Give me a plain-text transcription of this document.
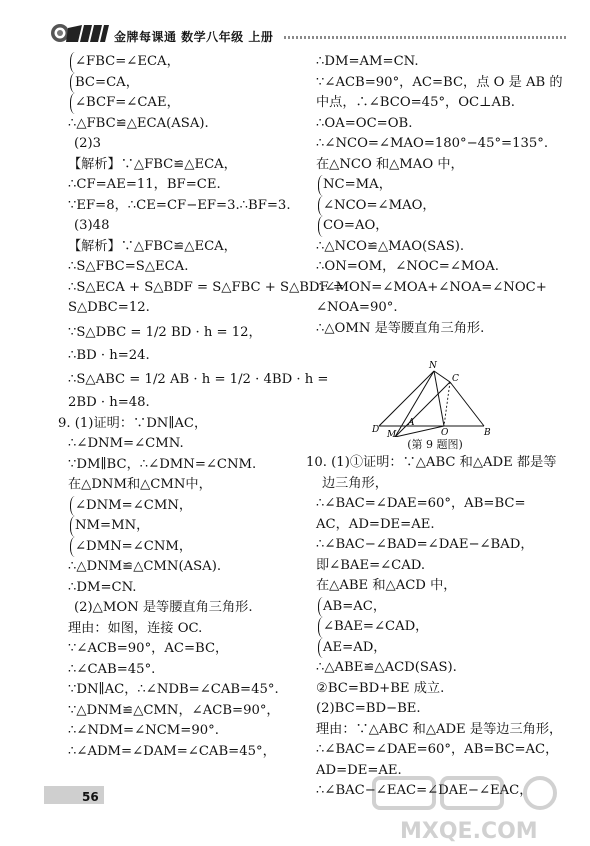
金牌每课通 数学八年级 上册
∠FBC=∠ECA，
BC=CA，
∠BCF=∠CAE，
∴△FBC≌△ECA(ASA).
(2)3
【解析】∵△FBC≌△ECA，
∴CF=AE=11，BF=CE.
∵EF=8，∴CE=CF−EF=3.∴BF=3.
(3)48
【解析】∵△FBC≌△ECA，
∴S△FBC=S△ECA.
∴S△ECA + S△BDF = S△FBC + S△BDF =
S△DBC=12.
∵S△DBC = 1/2 BD · h = 12，
∴BD · h=24.
∴S△ABC = 1/2 AB · h = 1/2 · 4BD · h =
2BD · h=48.
9. (1)证明：∵DN∥AC，
∴∠DNM=∠CMN.
∵DM∥BC，∴∠DMN=∠CNM.
在△DNM和△CMN中，
∠DNM=∠CMN，
NM=MN，
∠DMN=∠CNM，
∴△DNM≌△CMN(ASA).
∴DM=CN.
(2)△MON 是等腰直角三角形.
理由：如图，连接 OC.
∵∠ACB=90°，AC=BC，
∴∠CAB=45°.
∵DN∥AC，∴∠NDB=∠CAB=45°.
∵△DNM≌△CMN，∠ACB=90°，
∴∠NDM=∠NCM=90°.
∴∠ADM=∠DAM=∠CAB=45°，
∴DM=AM=CN.
∵∠ACB=90°，AC=BC，点 O 是 AB 的
中点，∴∠BCO=45°，OC⊥AB.
∴OA=OC=OB.
∴∠NCO=∠MAO=180°−45°=135°.
在△NCO 和△MAO 中，
NC=MA，
∠NCO=∠MAO，
CO=AO，
∴△NCO≌△MAO(SAS).
∴ON=OM，∠NOC=∠MOA.
∴∠MON=∠MOA+∠NOA=∠NOC+
∠NOA=90°.
∴△OMN 是等腰直角三角形.
N
C
D
A
O	B
M
(第 9 题图)
10. (1)①证明：∵△ABC 和△ADE 都是等
边三角形，
∴∠BAC=∠DAE=60°，AB=BC=
AC，AD=DE=AE.
∴∠BAC−∠BAD=∠DAE−∠BAD，
即∠BAE=∠CAD.
在△ABE 和△ACD 中，
AB=AC，
∠BAE=∠CAD，
AE=AD，
∴△ABE≌△ACD(SAS).
②BC=BD+BE 成立.
(2)BC=BD−BE.
理由：∵△ABC 和△ADE 是等边三角形，
∴∠BAC=∠DAE=60°，AB=BC=AC，
AD=DE=AE.
∴∠BAC−∠EAC=∠DAE−∠EAC，
56
MXQE.COM
